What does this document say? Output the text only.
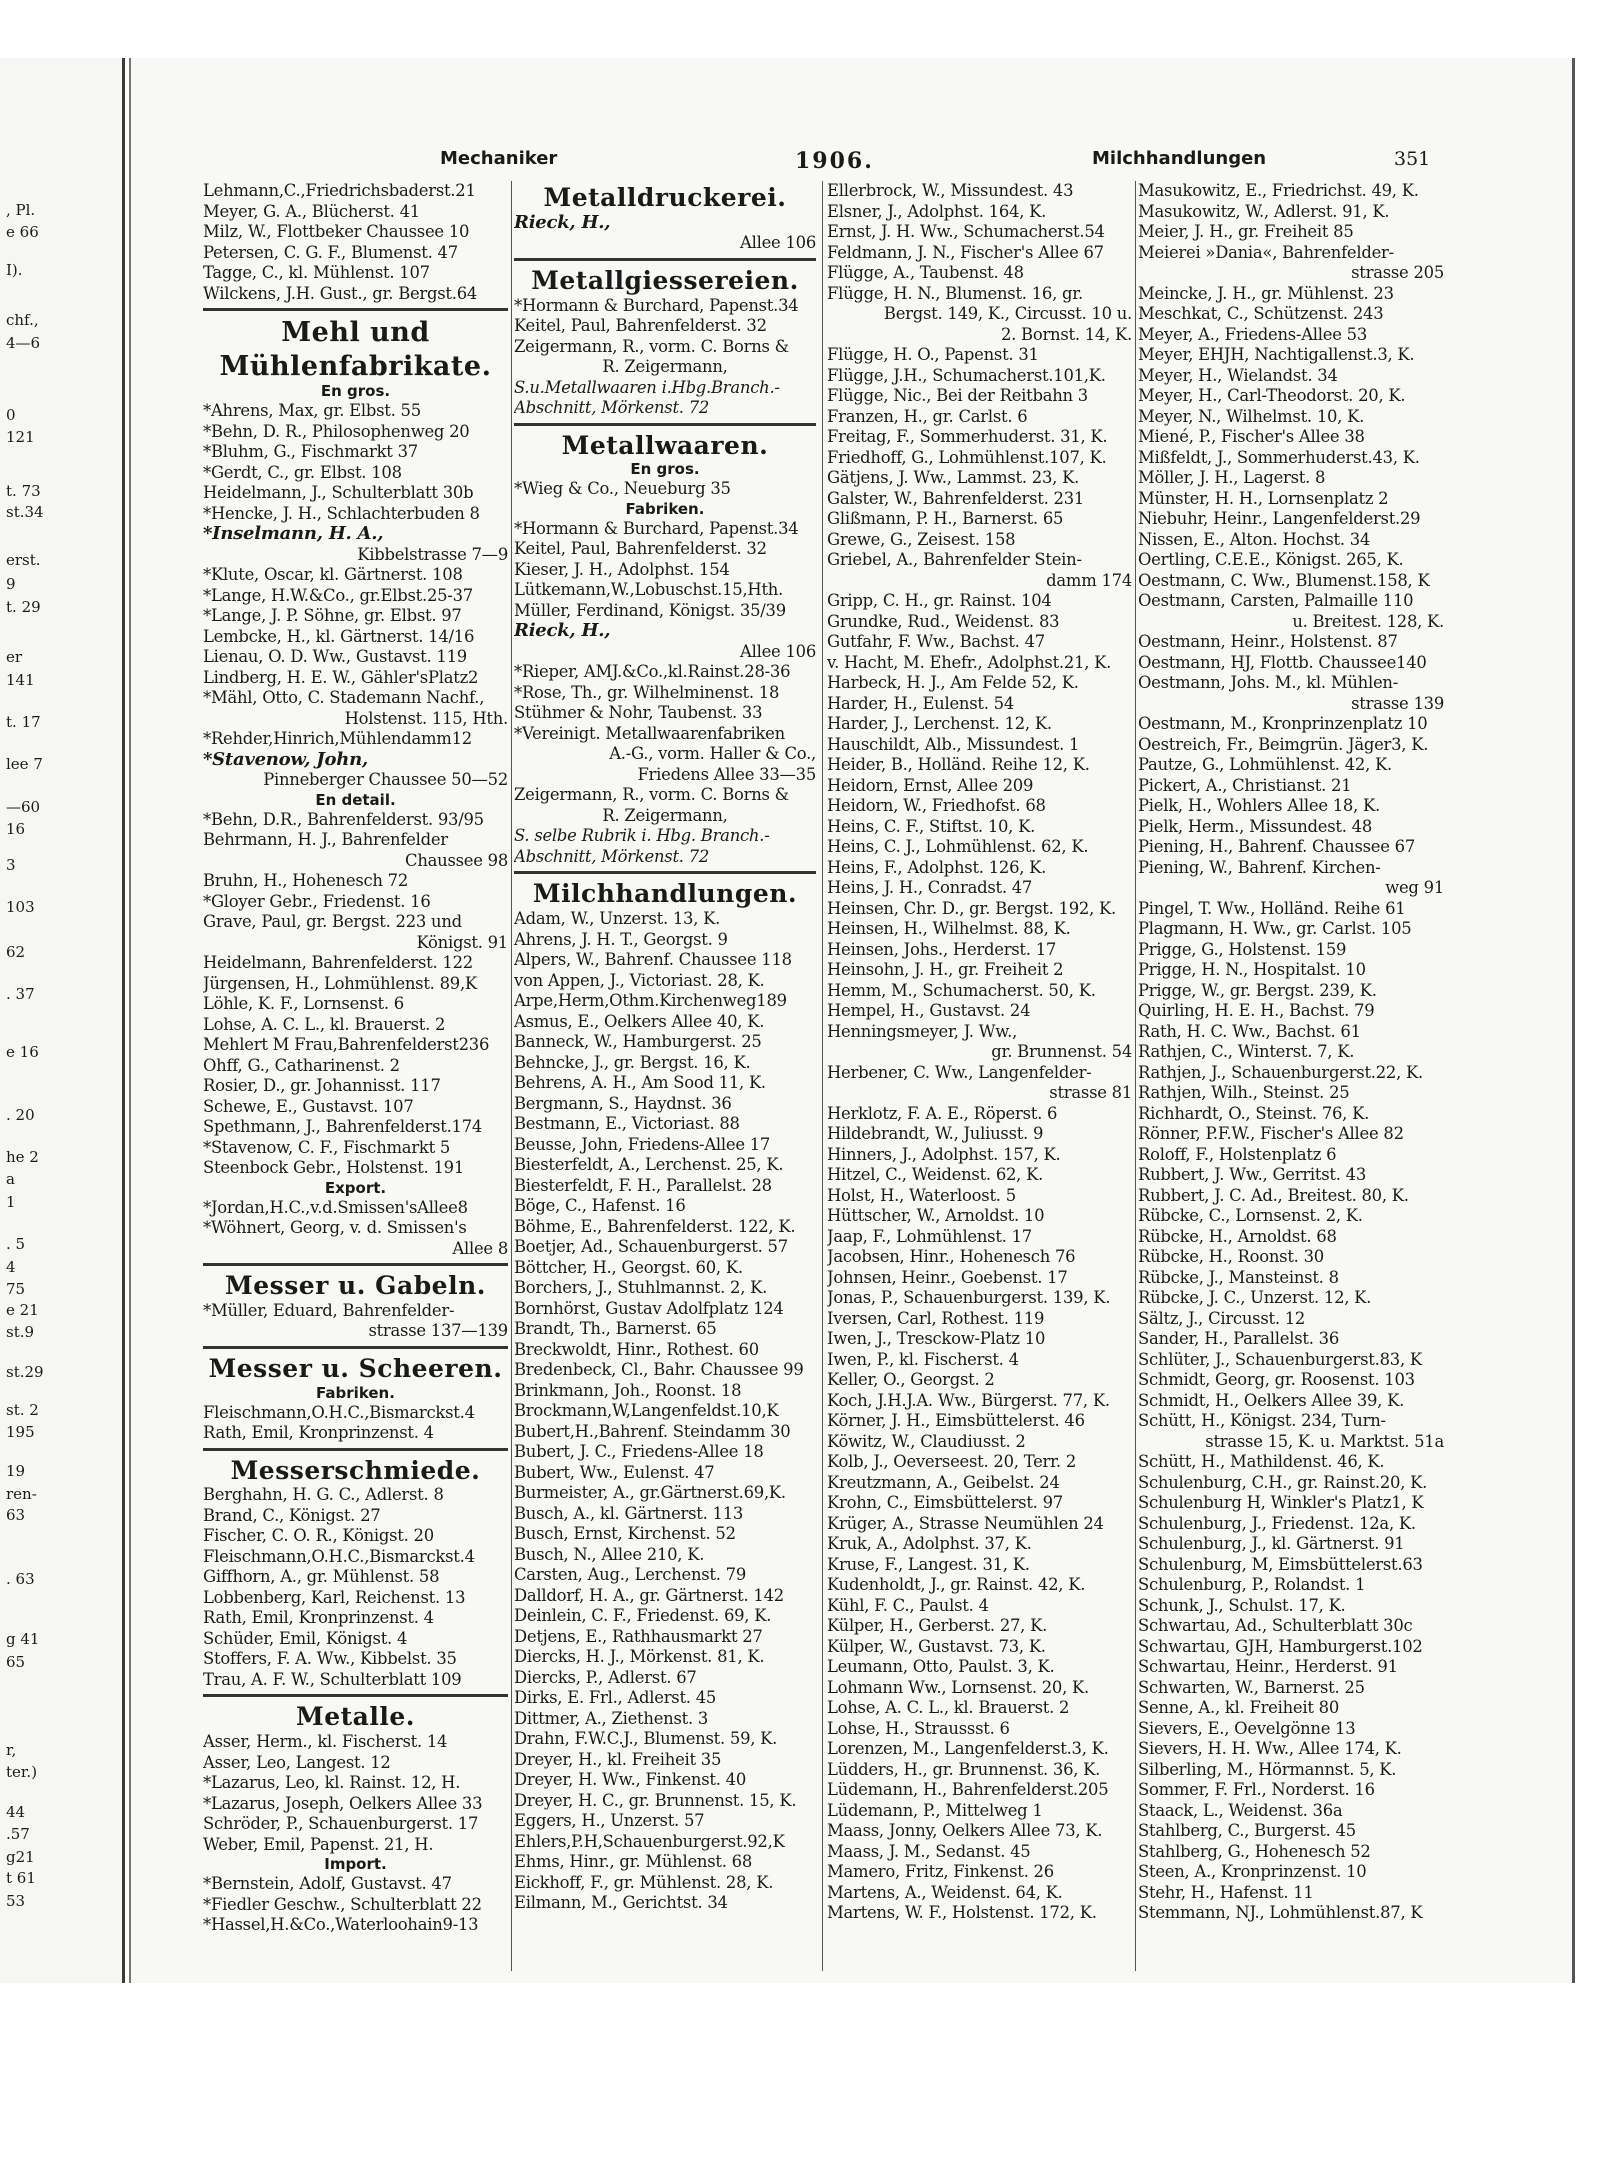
, Pl.
e 66
I).
chf.,
4—6
0
121
t. 73
st.34
erst.
9
t. 29
er
141
t. 17
lee 7
—60
16
3
103
62
. 37
e 16
. 20
he 2
a
1
. 5
4
75
e 21
st.9
st.29
st. 2
195
19
ren-
63
. 63
g 41
65
r,
ter.)
44
.57
g21
t 61
53
Mechaniker	1906.	Milchhandlungen	351
Lehmann,C.,Friedrichsbaderst.21
Meyer, G. A., Blücherst. 41
Milz, W., Flottbeker Chaussee 10
Petersen, C. G. F., Blumenst. 47
Tagge, C., kl. Mühlenst. 107
Wilckens, J.H. Gust., gr. Bergst.64
Mehl und
Mühlenfabrikate.
En gros.
*Ahrens, Max, gr. Elbst. 55
*Behn, D. R., Philosophenweg 20
*Bluhm, G., Fischmarkt 37
*Gerdt, C., gr. Elbst. 108
Heidelmann, J., Schulterblatt 30b
*Hencke, J. H., Schlachterbuden 8
*Inselmann, H. A.,
Kibbelstrasse 7—9
*Klute, Oscar, kl. Gärtnerst. 108
*Lange, H.W.&Co., gr.Elbst.25-37
*Lange, J. P. Söhne, gr. Elbst. 97
Lembcke, H., kl. Gärtnerst. 14/16
Lienau, O. D. Ww., Gustavst. 119
Lindberg, H. E. W., Gähler'sPlatz2
*Mähl, Otto, C. Stademann Nachf.,
Holstenst. 115, Hth.
*Rehder,Hinrich,Mühlendamm12
*Stavenow, John,
Pinneberger Chaussee 50—52
En detail.
*Behn, D.R., Bahrenfelderst. 93/95
Behrmann, H. J., Bahrenfelder
Chaussee 98
Bruhn, H., Hohenesch 72
*Gloyer Gebr., Friedenst. 16
Grave, Paul, gr. Bergst. 223 und
Königst. 91
Heidelmann, Bahrenfelderst. 122
Jürgensen, H., Lohmühlenst. 89,K
Löhle, K. F., Lornsenst. 6
Lohse, A. C. L., kl. Brauerst. 2
Mehlert M Frau,Bahrenfelderst236
Ohff, G., Catharinenst. 2
Rosier, D., gr. Johannisst. 117
Schewe, E., Gustavst. 107
Spethmann, J., Bahrenfelderst.174
*Stavenow, C. F., Fischmarkt 5
Steenbock Gebr., Holstenst. 191
Export.
*Jordan,H.C.,v.d.Smissen'sAllee8
*Wöhnert, Georg, v. d. Smissen's
Allee 8
Messer u. Gabeln.
*Müller, Eduard, Bahrenfelder-
strasse 137—139
Messer u. Scheeren.
Fabriken.
Fleischmann,O.H.C.,Bismarckst.4
Rath, Emil, Kronprinzenst. 4
Messerschmiede.
Berghahn, H. G. C., Adlerst. 8
Brand, C., Königst. 27
Fischer, C. O. R., Königst. 20
Fleischmann,O.H.C.,Bismarckst.4
Giffhorn, A., gr. Mühlenst. 58
Lobbenberg, Karl, Reichenst. 13
Rath, Emil, Kronprinzenst. 4
Schüder, Emil, Königst. 4
Stoffers, F. A. Ww., Kibbelst. 35
Trau, A. F. W., Schulterblatt 109
Metalle.
Asser, Herm., kl. Fischerst. 14
Asser, Leo, Langest. 12
*Lazarus, Leo, kl. Rainst. 12, H.
*Lazarus, Joseph, Oelkers Allee 33
Schröder, P., Schauenburgerst. 17
Weber, Emil, Papenst. 21, H.
Import.
*Bernstein, Adolf, Gustavst. 47
*Fiedler Geschw., Schulterblatt 22
*Hassel,H.&Co.,Waterloohain9-13
Metalldruckerei.
Rieck, H.,
Allee 106
Metallgiessereien.
*Hormann & Burchard, Papenst.34
Keitel, Paul, Bahrenfelderst. 32
Zeigermann, R., vorm. C. Borns &
R. Zeigermann,
S.u.Metallwaaren i.Hbg.Branch.-
Abschnitt, Mörkenst. 72
Metallwaaren.
En gros.
*Wieg & Co., Neueburg 35
Fabriken.
*Hormann & Burchard, Papenst.34
Keitel, Paul, Bahrenfelderst. 32
Kieser, J. H., Adolphst. 154
Lütkemann,W.,Lobuschst.15,Hth.
Müller, Ferdinand, Königst. 35/39
Rieck, H.,
Allee 106
*Rieper, AMJ.&Co.,kl.Rainst.28-36
*Rose, Th., gr. Wilhelminenst. 18
Stühmer & Nohr, Taubenst. 33
*Vereinigt. Metallwaarenfabriken
A.-G., vorm. Haller & Co.,
Friedens Allee 33—35
Zeigermann, R., vorm. C. Borns &
R. Zeigermann,
S. selbe Rubrik i. Hbg. Branch.-
Abschnitt, Mörkenst. 72
Milchhandlungen.
Adam, W., Unzerst. 13, K.
Ahrens, J. H. T., Georgst. 9
Alpers, W., Bahrenf. Chaussee 118
von Appen, J., Victoriast. 28, K.
Arpe,Herm,Othm.Kirchenweg189
Asmus, E., Oelkers Allee 40, K.
Banneck, W., Hamburgerst. 25
Behncke, J., gr. Bergst. 16, K.
Behrens, A. H., Am Sood 11, K.
Bergmann, S., Haydnst. 36
Bestmann, E., Victoriast. 88
Beusse, John, Friedens-Allee 17
Biesterfeldt, A., Lerchenst. 25, K.
Biesterfeldt, F. H., Parallelst. 28
Böge, C., Hafenst. 16
Böhme, E., Bahrenfelderst. 122, K.
Boetjer, Ad., Schauenburgerst. 57
Böttcher, H., Georgst. 60, K.
Borchers, J., Stuhlmannst. 2, K.
Bornhörst, Gustav Adolfplatz 124
Brandt, Th., Barnerst. 65
Breckwoldt, Hinr., Rothest. 60
Bredenbeck, Cl., Bahr. Chaussee 99
Brinkmann, Joh., Roonst. 18
Brockmann,W,Langenfeldst.10,K
Bubert,H.,Bahrenf. Steindamm 30
Bubert, J. C., Friedens-Allee 18
Bubert, Ww., Eulenst. 47
Burmeister, A., gr.Gärtnerst.69,K.
Busch, A., kl. Gärtnerst. 113
Busch, Ernst, Kirchenst. 52
Busch, N., Allee 210, K.
Carsten, Aug., Lerchenst. 79
Dalldorf, H. A., gr. Gärtnerst. 142
Deinlein, C. F., Friedenst. 69, K.
Detjens, E., Rathhausmarkt 27
Diercks, H. J., Mörkenst. 81, K.
Diercks, P., Adlerst. 67
Dirks, E. Frl., Adlerst. 45
Dittmer, A., Ziethenst. 3
Drahn, F.W.C.J., Blumenst. 59, K.
Dreyer, H., kl. Freiheit 35
Dreyer, H. Ww., Finkenst. 40
Dreyer, H. C., gr. Brunnenst. 15, K.
Eggers, H., Unzerst. 57
Ehlers,P.H,Schauenburgerst.92,K
Ehms, Hinr., gr. Mühlenst. 68
Eickhoff, F., gr. Mühlenst. 28, K.
Eilmann, M., Gerichtst. 34
Ellerbrock, W., Missundest. 43
Elsner, J., Adolphst. 164, K.
Ernst, J. H. Ww., Schumacherst.54
Feldmann, J. N., Fischer's Allee 67
Flügge, A., Taubenst. 48
Flügge, H. N., Blumenst. 16, gr.
Bergst. 149, K., Circusst. 10 u.
2. Bornst. 14, K.
Flügge, H. O., Papenst. 31
Flügge, J.H., Schumacherst.101,K.
Flügge, Nic., Bei der Reitbahn 3
Franzen, H., gr. Carlst. 6
Freitag, F., Sommerhuderst. 31, K.
Friedhoff, G., Lohmühlenst.107, K.
Gätjens, J. Ww., Lammst. 23, K.
Galster, W., Bahrenfelderst. 231
Glißmann, P. H., Barnerst. 65
Grewe, G., Zeisest. 158
Griebel, A., Bahrenfelder Stein-
damm 174
Gripp, C. H., gr. Rainst. 104
Grundke, Rud., Weidenst. 83
Gutfahr, F. Ww., Bachst. 47
v. Hacht, M. Ehefr., Adolphst.21, K.
Harbeck, H. J., Am Felde 52, K.
Harder, H., Eulenst. 54
Harder, J., Lerchenst. 12, K.
Hauschildt, Alb., Missundest. 1
Heider, B., Holländ. Reihe 12, K.
Heidorn, Ernst, Allee 209
Heidorn, W., Friedhofst. 68
Heins, C. F., Stiftst. 10, K.
Heins, C. J., Lohmühlenst. 62, K.
Heins, F., Adolphst. 126, K.
Heins, J. H., Conradst. 47
Heinsen, Chr. D., gr. Bergst. 192, K.
Heinsen, H., Wilhelmst. 88, K.
Heinsen, Johs., Herderst. 17
Heinsohn, J. H., gr. Freiheit 2
Hemm, M., Schumacherst. 50, K.
Hempel, H., Gustavst. 24
Henningsmeyer, J. Ww.,
gr. Brunnenst. 54
Herbener, C. Ww., Langenfelder-
strasse 81
Herklotz, F. A. E., Röperst. 6
Hildebrandt, W., Juliusst. 9
Hinners, J., Adolphst. 157, K.
Hitzel, C., Weidenst. 62, K.
Holst, H., Waterloost. 5
Hüttscher, W., Arnoldst. 10
Jaap, F., Lohmühlenst. 17
Jacobsen, Hinr., Hohenesch 76
Johnsen, Heinr., Goebenst. 17
Jonas, P., Schauenburgerst. 139, K.
Iversen, Carl, Rothest. 119
Iwen, J., Tresckow-Platz 10
Iwen, P., kl. Fischerst. 4
Keller, O., Georgst. 2
Koch, J.H.J.A. Ww., Bürgerst. 77, K.
Körner, J. H., Eimsbüttelerst. 46
Köwitz, W., Claudiusst. 2
Kolb, J., Oeverseest. 20, Terr. 2
Kreutzmann, A., Geibelst. 24
Krohn, C., Eimsbüttelerst. 97
Krüger, A., Strasse Neumühlen 24
Kruk, A., Adolphst. 37, K.
Kruse, F., Langest. 31, K.
Kudenholdt, J., gr. Rainst. 42, K.
Kühl, F. C., Paulst. 4
Külper, H., Gerberst. 27, K.
Külper, W., Gustavst. 73, K.
Leumann, Otto, Paulst. 3, K.
Lohmann Ww., Lornsenst. 20, K.
Lohse, A. C. L., kl. Brauerst. 2
Lohse, H., Straussst. 6
Lorenzen, M., Langenfelderst.3, K.
Lüdders, H., gr. Brunnenst. 36, K.
Lüdemann, H., Bahrenfelderst.205
Lüdemann, P., Mittelweg 1
Maass, Jonny, Oelkers Allee 73, K.
Maass, J. M., Sedanst. 45
Mamero, Fritz, Finkenst. 26
Martens, A., Weidenst. 64, K.
Martens, W. F., Holstenst. 172, K.
Masukowitz, E., Friedrichst. 49, K.
Masukowitz, W., Adlerst. 91, K.
Meier, J. H., gr. Freiheit 85
Meierei »Dania«, Bahrenfelder-
strasse 205
Meincke, J. H., gr. Mühlenst. 23
Meschkat, C., Schützenst. 243
Meyer, A., Friedens-Allee 53
Meyer, EHJH, Nachtigallenst.3, K.
Meyer, H., Wielandst. 34
Meyer, H., Carl-Theodorst. 20, K.
Meyer, N., Wilhelmst. 10, K.
Miené, P., Fischer's Allee 38
Mißfeldt, J., Sommerhuderst.43, K.
Möller, J. H., Lagerst. 8
Münster, H. H., Lornsenplatz 2
Niebuhr, Heinr., Langenfelderst.29
Nissen, E., Alton. Hochst. 34
Oertling, C.E.E., Königst. 265, K.
Oestmann, C. Ww., Blumenst.158, K
Oestmann, Carsten, Palmaille 110
u. Breitest. 128, K.
Oestmann, Heinr., Holstenst. 87
Oestmann, HJ, Flottb. Chaussee140
Oestmann, Johs. M., kl. Mühlen-
strasse 139
Oestmann, M., Kronprinzenplatz 10
Oestreich, Fr., Beimgrün. Jäger3, K.
Pautze, G., Lohmühlenst. 42, K.
Pickert, A., Christianst. 21
Pielk, H., Wohlers Allee 18, K.
Pielk, Herm., Missundest. 48
Piening, H., Bahrenf. Chaussee 67
Piening, W., Bahrenf. Kirchen-
weg 91
Pingel, T. Ww., Holländ. Reihe 61
Plagmann, H. Ww., gr. Carlst. 105
Prigge, G., Holstenst. 159
Prigge, H. N., Hospitalst. 10
Prigge, W., gr. Bergst. 239, K.
Quirling, H. E. H., Bachst. 79
Rath, H. C. Ww., Bachst. 61
Rathjen, C., Winterst. 7, K.
Rathjen, J., Schauenburgerst.22, K.
Rathjen, Wilh., Steinst. 25
Richhardt, O., Steinst. 76, K.
Rönner, P.F.W., Fischer's Allee 82
Roloff, F., Holstenplatz 6
Rubbert, J. Ww., Gerritst. 43
Rubbert, J. C. Ad., Breitest. 80, K.
Rübcke, C., Lornsenst. 2, K.
Rübcke, H., Arnoldst. 68
Rübcke, H., Roonst. 30
Rübcke, J., Mansteinst. 8
Rübcke, J. C., Unzerst. 12, K.
Sältz, J., Circusst. 12
Sander, H., Parallelst. 36
Schlüter, J., Schauenburgerst.83, K
Schmidt, Georg, gr. Roosenst. 103
Schmidt, H., Oelkers Allee 39, K.
Schütt, H., Königst. 234, Turn-
strasse 15, K. u. Marktst. 51a
Schütt, H., Mathildenst. 46, K.
Schulenburg, C.H., gr. Rainst.20, K.
Schulenburg H, Winkler's Platz1, K
Schulenburg, J., Friedenst. 12a, K.
Schulenburg, J., kl. Gärtnerst. 91
Schulenburg, M, Eimsbüttelerst.63
Schulenburg, P., Rolandst. 1
Schunk, J., Schulst. 17, K.
Schwartau, Ad., Schulterblatt 30c
Schwartau, GJH, Hamburgerst.102
Schwartau, Heinr., Herderst. 91
Schwarten, W., Barnerst. 25
Senne, A., kl. Freiheit 80
Sievers, E., Oevelgönne 13
Sievers, H. H. Ww., Allee 174, K.
Silberling, M., Hörmannst. 5, K.
Sommer, F. Frl., Norderst. 16
Staack, L., Weidenst. 36a
Stahlberg, C., Burgerst. 45
Stahlberg, G., Hohenesch 52
Steen, A., Kronprinzenst. 10
Stehr, H., Hafenst. 11
Stemmann, NJ., Lohmühlenst.87, K
